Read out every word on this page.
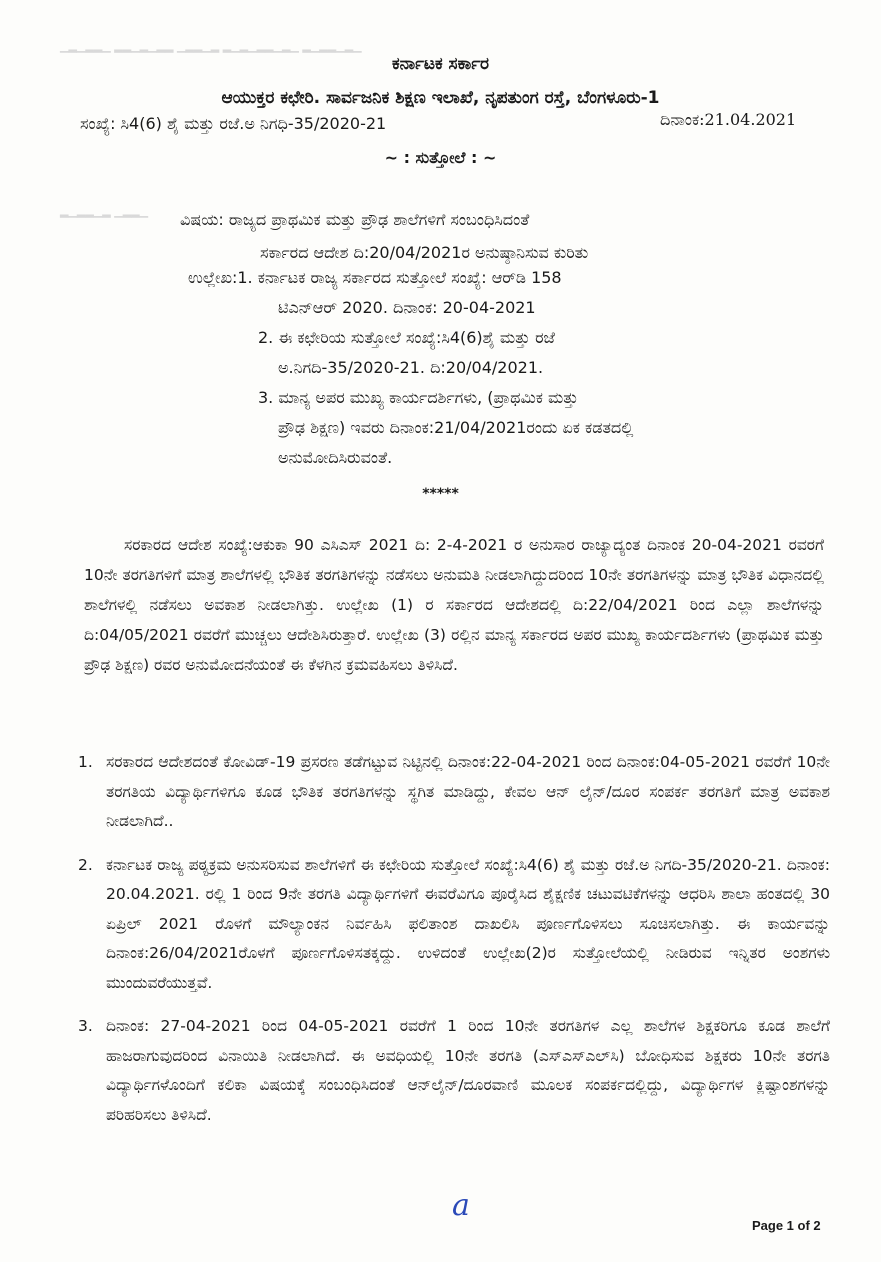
▁▂▁▂▂▁ ▂▂▁▂▁▂▂ ▁▂▂▁▂ ▂▁▂▁▂▂▁▂▁ ▂▁▂▂▁▂▁
▂▁▂▂▁▂ ▁▂▂▁
ಕರ್ನಾಟಕ ಸರ್ಕಾರ
ಆಯುಕ್ತರ ಕಛೇರಿ. ಸಾರ್ವಜನಿಕ ಶಿಕ್ಷಣ ಇಲಾಖೆ, ನೃಪತುಂಗ ರಸ್ತೆ, ಬೆಂಗಳೂರು-1
ಸಂಖ್ಯೆ: ಸಿ4(6) ಶೈ ಮತ್ತು ರಜೆ.ಅ ನಿಗಧಿ-35/2020-21	ದಿನಾಂಕ:21.04.2021
~ : ಸುತ್ತೋಲೆ : ~
ವಿಷಯ: ರಾಜ್ಯದ ಪ್ರಾಥಮಿಕ ಮತ್ತು ಪ್ರೌಢ ಶಾಲೆಗಳಿಗೆ ಸಂಬಂಧಿಸಿದಂತೆ
ಸರ್ಕಾರದ ಆದೇಶ ದಿ:20/04/2021ರ ಅನುಷ್ಠಾನಿಸುವ ಕುರಿತು
ಉಲ್ಲೇಖ:1. ಕರ್ನಾಟಕ ರಾಜ್ಯ ಸರ್ಕಾರದ ಸುತ್ತೋಲೆ ಸಂಖ್ಯೆ: ಆರ್‌ಡಿ 158
ಟಿಎನ್‌ಆರ್ 2020. ದಿನಾಂಕ: 20-04-2021
2. ಈ ಕಛೇರಿಯ ಸುತ್ತೋಲೆ ಸಂಖ್ಯೆ:ಸಿ4(6)ಶೈ ಮತ್ತು ರಜೆ
ಅ.ನಿಗದಿ-35/2020-21. ದಿ:20/04/2021.
3. ಮಾನ್ಯ ಅಪರ ಮುಖ್ಯ ಕಾರ್ಯದರ್ಶಿಗಳು, (ಪ್ರಾಥಮಿಕ ಮತ್ತು
ಪ್ರೌಢ ಶಿಕ್ಷಣ) ಇವರು ದಿನಾಂಕ:21/04/2021ರಂದು ಏಕ ಕಡತದಲ್ಲಿ
ಅನುಮೋದಿಸಿರುವಂತೆ.
*****
ಸರಕಾರದ ಆದೇಶ ಸಂಖ್ಯೆ:ಆಕುಕಾ 90 ಎಸಿಎಸ್ 2021 ದಿ: 2-4-2021 ರ ಅನುಸಾರ ರಾಜ್ಯಾದ್ಯಂತ ದಿನಾಂಕ 20-04-2021 ರವರಗೆ 10ನೇ ತರಗತಿಗಳಿಗೆ ಮಾತ್ರ ಶಾಲೆಗಳಲ್ಲಿ ಭೌತಿಕ ತರಗತಿಗಳನ್ನು ನಡೆಸಲು ಅನುಮತಿ ನೀಡಲಾಗಿದ್ದುದರಿಂದ 10ನೇ ತರಗತಿಗಳನ್ನು ಮಾತ್ರ ಭೌತಿಕ ವಿಧಾನದಲ್ಲಿ ಶಾಲೆಗಳಲ್ಲಿ ನಡೆಸಲು ಅವಕಾಶ ನೀಡಲಾಗಿತ್ತು. ಉಲ್ಲೇಖ (1) ರ ಸರ್ಕಾರದ ಆದೇಶದಲ್ಲಿ ದಿ:22/04/2021 ರಿಂದ ಎಲ್ಲಾ ಶಾಲೆಗಳನ್ನು ದಿ:04/05/2021 ರವರೆಗೆ ಮುಚ್ಚಲು ಆದೇಶಿಸಿರುತ್ತಾರೆ. ಉಲ್ಲೇಖ (3) ರಲ್ಲಿನ ಮಾನ್ಯ ಸರ್ಕಾರದ ಅಪರ ಮುಖ್ಯ ಕಾರ್ಯದರ್ಶಿಗಳು (ಪ್ರಾಥಮಿಕ ಮತ್ತು ಪ್ರೌಢ ಶಿಕ್ಷಣ) ರವರ ಅನುಮೋದನೆಯಂತೆ ಈ ಕೆಳಗಿನ ಕ್ರಮವಹಿಸಲು ತಿಳಿಸಿದೆ.
1. ಸರಕಾರದ ಆದೇಶದಂತೆ ಕೋವಿಡ್-19 ಪ್ರಸರಣ ತಡೆಗಟ್ಟುವ ನಿಟ್ಟಿನಲ್ಲಿ ದಿನಾಂಕ:22-04-2021 ರಿಂದ ದಿನಾಂಕ:04-05-2021 ರವರೆಗೆ 10ನೇ ತರಗತಿಯ ವಿದ್ಯಾರ್ಥಿಗಳಿಗೂ ಕೂಡ ಭೌತಿಕ ತರಗತಿಗಳನ್ನು ಸ್ಥಗಿತ ಮಾಡಿದ್ದು, ಕೇವಲ ಆನ್ ಲೈನ್/ದೂರ ಸಂಪರ್ಕ ತರಗತಿಗೆ ಮಾತ್ರ ಅವಕಾಶ ನೀಡಲಾಗಿದೆ..
2. ಕರ್ನಾಟಕ ರಾಜ್ಯ ಪಠ್ಯಕ್ರಮ ಅನುಸರಿಸುವ ಶಾಲೆಗಳಿಗೆ ಈ ಕಛೇರಿಯ ಸುತ್ತೋಲೆ ಸಂಖ್ಯೆ:ಸಿ4(6) ಶೈ ಮತ್ತು ರಜೆ.ಅ ನಿಗದಿ-35/2020-21. ದಿನಾಂಕ: 20.04.2021. ರಲ್ಲಿ 1 ರಿಂದ 9ನೇ ತರಗತಿ ವಿದ್ಯಾರ್ಥಿಗಳಿಗೆ ಈವರೆವಿಗೂ ಪೂರೈಸಿದ ಶೈಕ್ಷಣಿಕ ಚಟುವಟಿಕೆಗಳನ್ನು ಆಧರಿಸಿ ಶಾಲಾ ಹಂತದಲ್ಲಿ 30 ಏಪ್ರಿಲ್ 2021 ರೊಳಗೆ ಮೌಲ್ಯಾಂಕನ ನಿರ್ವಹಿಸಿ ಫಲಿತಾಂಶ ದಾಖಲಿಸಿ ಪೂರ್ಣಗೊಳಿಸಲು ಸೂಚಿಸಲಾಗಿತ್ತು. ಈ ಕಾರ್ಯವನ್ನು ದಿನಾಂಕ:26/04/2021ರೊಳಗೆ ಪೂರ್ಣಗೊಳಿಸತಕ್ಕದ್ದು. ಉಳಿದಂತೆ ಉಲ್ಲೇಖ(2)ರ ಸುತ್ತೋಲೆಯಲ್ಲಿ ನೀಡಿರುವ ಇನ್ನಿತರ ಅಂಶಗಳು ಮುಂದುವರೆಯುತ್ತವೆ.
3. ದಿನಾಂಕ: 27-04-2021 ರಿಂದ 04-05-2021 ರವರೆಗೆ 1 ರಿಂದ 10ನೇ ತರಗತಿಗಳ ಎಲ್ಲ ಶಾಲೆಗಳ ಶಿಕ್ಷಕರಿಗೂ ಕೂಡ ಶಾಲೆಗೆ ಹಾಜರಾಗುವುದರಿಂದ ವಿನಾಯಿತಿ ನೀಡಲಾಗಿದೆ. ಈ ಅವಧಿಯಲ್ಲಿ 10ನೇ ತರಗತಿ (ಎಸ್‌ಎಸ್‌ಎಲ್‌ಸಿ) ಬೋಧಿಸುವ ಶಿಕ್ಷಕರು 10ನೇ ತರಗತಿ ವಿದ್ಯಾರ್ಥಿಗಳೊಂದಿಗೆ ಕಲಿಕಾ ವಿಷಯಕ್ಕೆ ಸಂಬಂಧಿಸಿದಂತೆ ಆನ್‌ಲೈನ್/ದೂರವಾಣಿ ಮೂಲಕ ಸಂಪರ್ಕದಲ್ಲಿದ್ದು, ವಿದ್ಯಾರ್ಥಿಗಳ ಕ್ಲಿಷ್ಟಾಂಶಗಳನ್ನು ಪರಿಹರಿಸಲು ತಿಳಿಸಿದೆ.
a
Page 1 of 2
